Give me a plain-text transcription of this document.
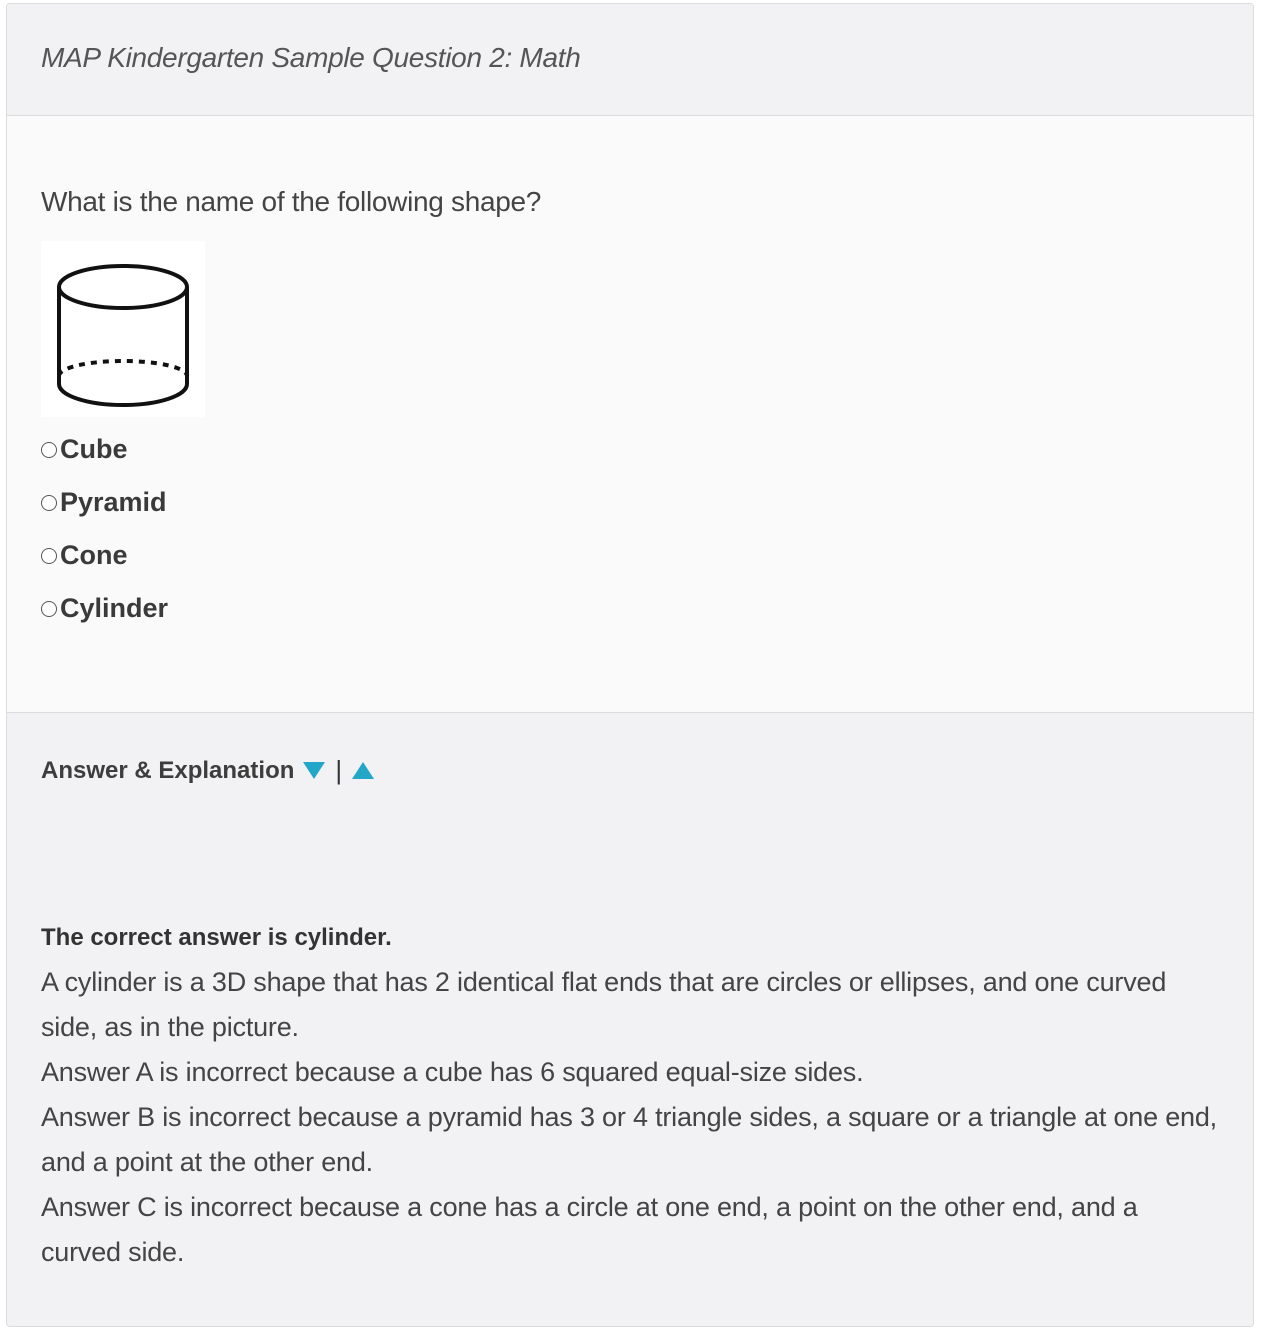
MAP Kindergarten Sample Question 2: Math
What is the name of the following shape?
Cube
Pyramid
Cone
Cylinder
Answer & Explanation |
The correct answer is cylinder.

A cylinder is a 3D shape that has 2 identical flat ends that are circles or ellipses, and one curved side, as in the picture.

Answer A is incorrect because a cube has 6 squared equal-size sides.

Answer B is incorrect because a pyramid has 3 or 4 triangle sides, a square or a triangle at one end, and a point at the other end.

Answer C is incorrect because a cone has a circle at one end, a point on the other end, and a curved side.
